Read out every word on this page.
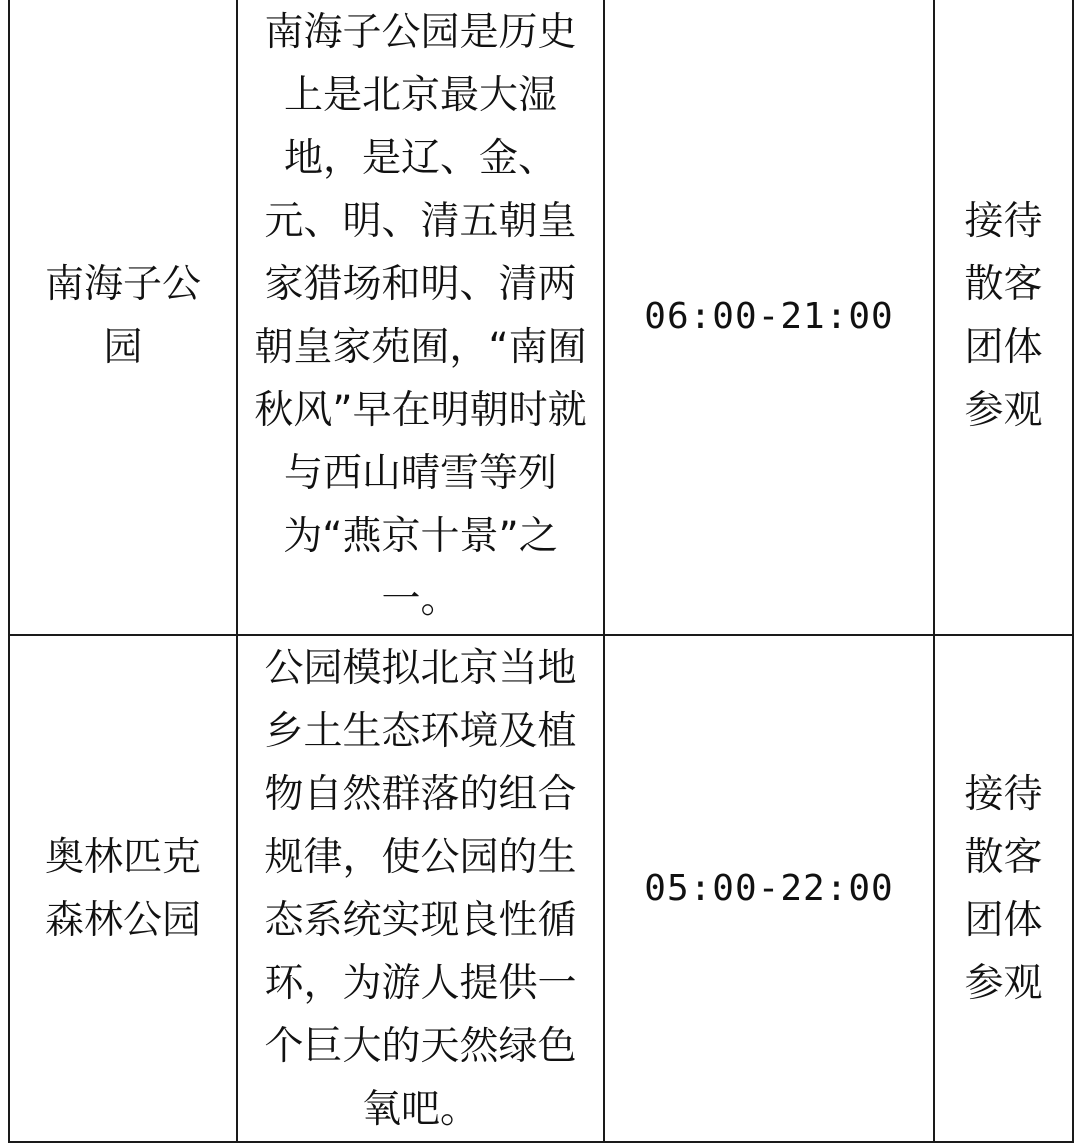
南海子公园	南海子公园是历史上是北京最大湿地，是辽、金、元、明、清五朝皇家猎场和明、清两朝皇家苑囿，“南囿秋风”早在明朝时就与西山晴雪等列为“燕京十景”之一。	06:00-21:00	接待散客团体参观

奥林匹克森林公园	公园模拟北京当地乡土生态环境及植物自然群落的组合规律，使公园的生态系统实现良性循环，为游人提供一个巨大的天然绿色氧吧。	05:00-22:00	接待散客团体参观
